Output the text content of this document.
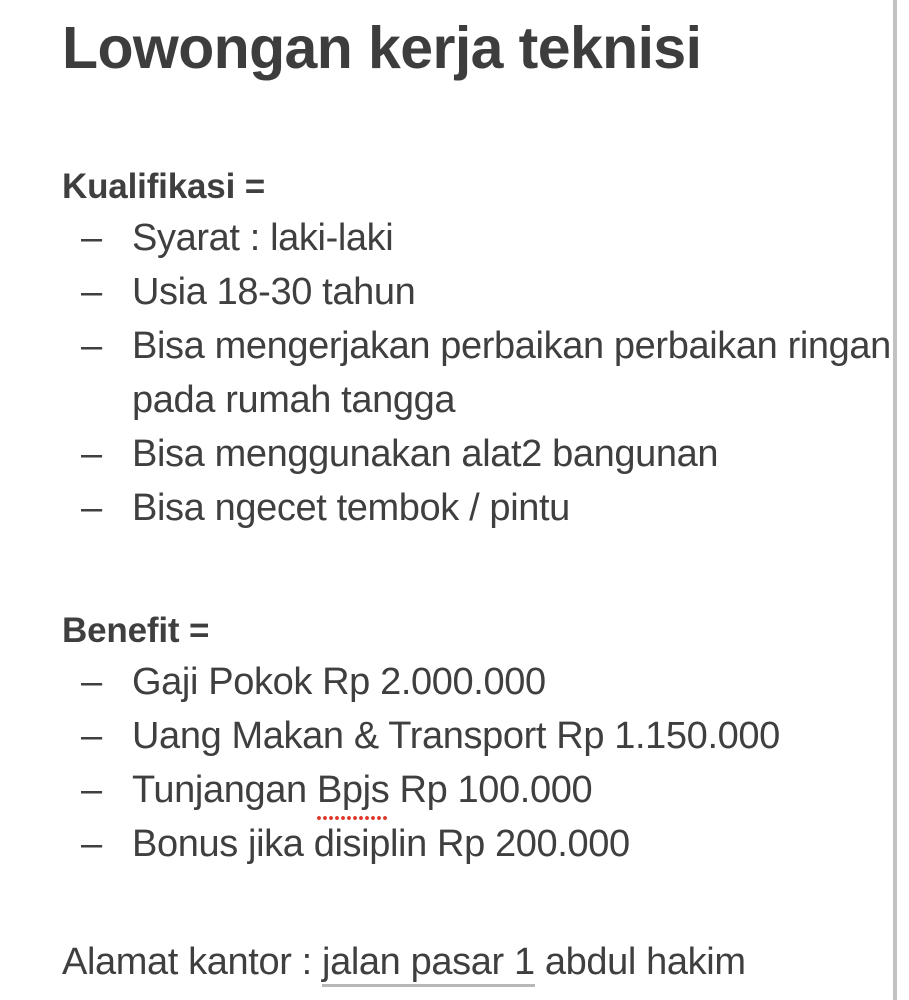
Lowongan kerja teknisi
Kualifikasi =
– Syarat : laki-laki
– Usia 18-30 tahun
– Bisa mengerjakan perbaikan perbaikan ringan pada rumah tangga
– Bisa menggunakan alat2 bangunan
– Bisa ngecet tembok / pintu
Benefit =
– Gaji Pokok Rp 2.000.000
– Uang Makan & Transport Rp 1.150.000
– Tunjangan Bpjs Rp 100.000
– Bonus jika disiplin Rp 200.000
Alamat kantor : jalan pasar 1 abdul hakim
